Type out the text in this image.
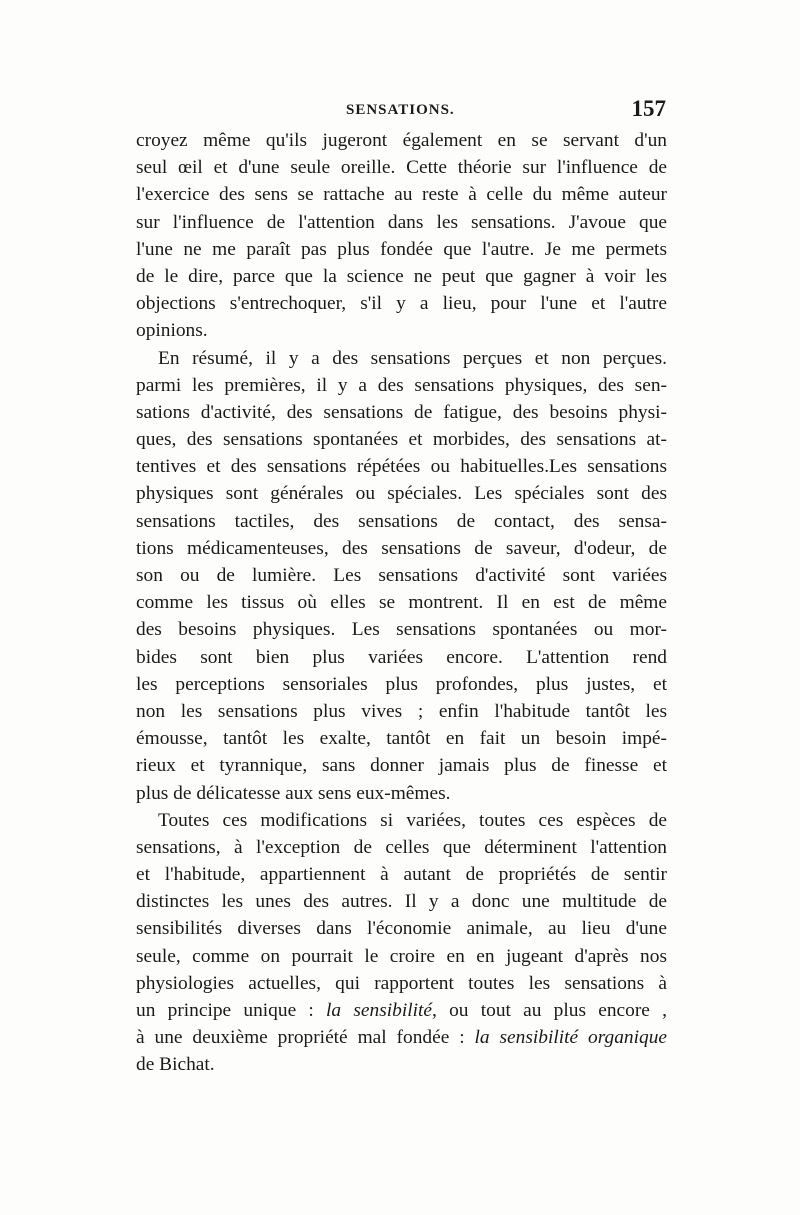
SENSATIONS.	157
croyez même qu'ils jugeront également en se servant d'un
seul œil et d'une seule oreille. Cette théorie sur l'influence de
l'exercice des sens se rattache au reste à celle du même auteur
sur l'influence de l'attention dans les sensations. J'avoue que
l'une ne me paraît pas plus fondée que l'autre. Je me permets
de le dire, parce que la science ne peut que gagner à voir les
objections s'entrechoquer, s'il y a lieu, pour l'une et l'autre
opinions.
En résumé, il y a des sensations perçues et non perçues.
parmi les premières, il y a des sensations physiques, des sen-
sations d'activité, des sensations de fatigue, des besoins physi-
ques, des sensations spontanées et morbides, des sensations at-
tentives et des sensations répétées ou habituelles.Les sensations
physiques sont générales ou spéciales. Les spéciales sont des
sensations tactiles, des sensations de contact, des sensa-
tions médicamenteuses, des sensations de saveur, d'odeur, de
son ou de lumière. Les sensations d'activité sont variées
comme les tissus où elles se montrent. Il en est de même
des besoins physiques. Les sensations spontanées ou mor-
bides sont bien plus variées encore. L'attention rend
les perceptions sensoriales plus profondes, plus justes, et
non les sensations plus vives ; enfin l'habitude tantôt les
émousse, tantôt les exalte, tantôt en fait un besoin impé-
rieux et tyrannique, sans donner jamais plus de finesse et
plus de délicatesse aux sens eux-mêmes.
Toutes ces modifications si variées, toutes ces espèces de
sensations, à l'exception de celles que déterminent l'attention
et l'habitude, appartiennent à autant de propriétés de sentir
distinctes les unes des autres. Il y a donc une multitude de
sensibilités diverses dans l'économie animale, au lieu d'une
seule, comme on pourrait le croire en en jugeant d'après nos
physiologies actuelles, qui rapportent toutes les sensations à
un principe unique : la sensibilité, ou tout au plus encore ,
à une deuxième propriété mal fondée : la sensibilité organique
de Bichat.
